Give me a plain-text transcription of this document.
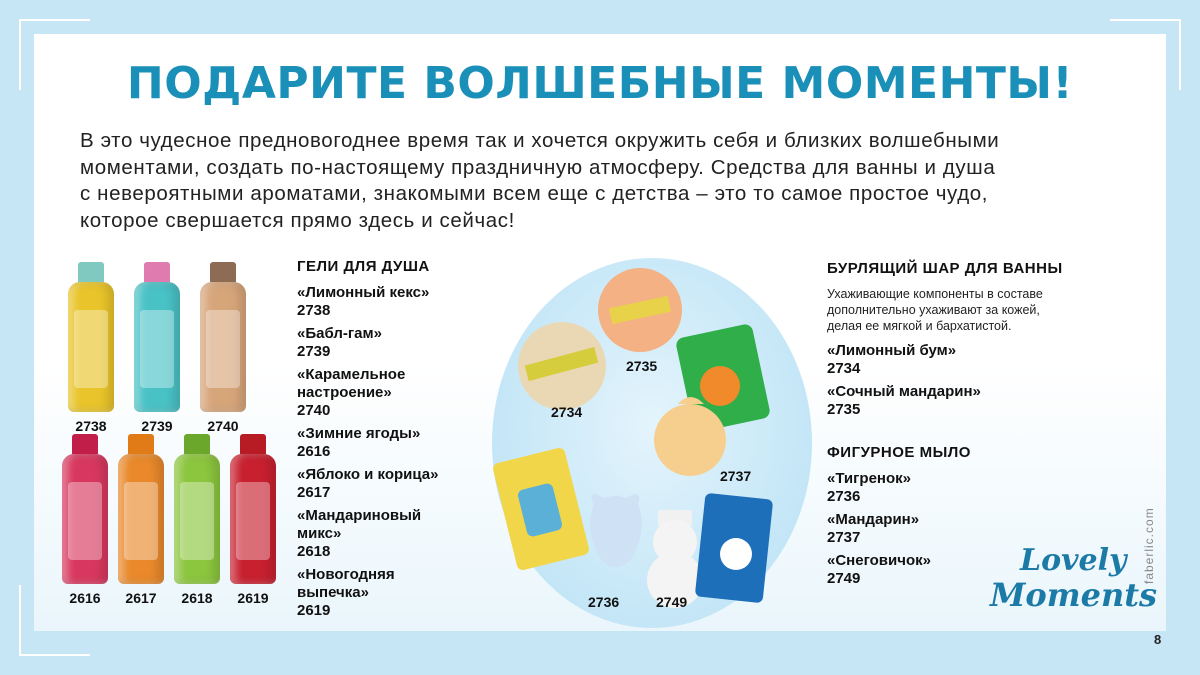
ПОДАРИТЕ ВОЛШЕБНЫЕ МОМЕНТЫ!
В это чудесное предновогоднее время так и хочется окружить себя и близких волшебными
моментами, создать по-настоящему праздничную атмосферу. Средства для ванны и душа
с невероятными ароматами, знакомыми всем еще с детства – это то самое простое чудо,
которое свершается прямо здесь и сейчас!
2738	2739	2740
2616	2617	2618	2619
ГЕЛИ ДЛЯ ДУША
«Лимонный кекс»
2738
«Бабл-гам»
2739
«Карамельное
настроение»
2740
«Зимние ягоды»
2616
«Яблоко и корица»
2617
«Мандариновый
микс»
2618
«Новогодняя
выпечка»
2619
2735
2734
2737
2736	2749
БУРЛЯЩИЙ ШАР ДЛЯ ВАННЫ
Ухаживающие компоненты в составе
дополнительно ухаживают за кожей,
делая ее мягкой и бархатистой.
«Лимонный бум»
2734
«Сочный мандарин»
2735
ФИГУРНОЕ МЫЛО
«Тигренок»
2736
«Мандарин»
2737
«Снеговичок»
2749
Lovely
Moments
faberlic.com
8
